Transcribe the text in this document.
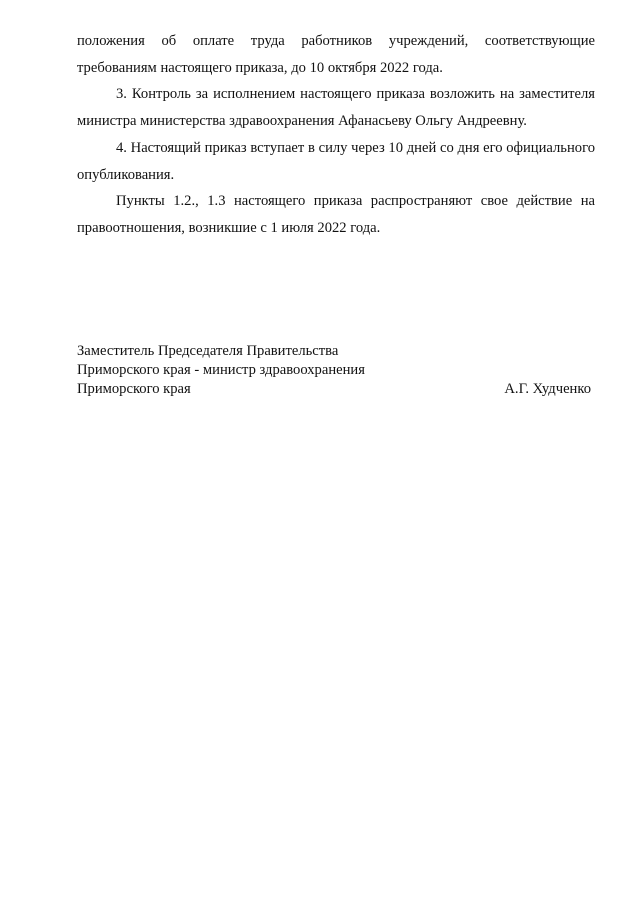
положения об оплате труда работников учреждений, соответствующие требованиям настоящего приказа, до 10 октября 2022 года.

3. Контроль за исполнением настоящего приказа возложить на заместителя министра министерства здравоохранения Афанасьеву Ольгу Андреевну.

4. Настоящий приказ вступает в силу через 10 дней со дня его официального опубликования.

Пункты 1.2., 1.3 настоящего приказа распространяют свое действие на правоотношения, возникшие с 1 июля 2022 года.

Заместитель Председателя Правительства
Приморского края - министр здравоохранения
Приморского края	А.Г. Худченко
